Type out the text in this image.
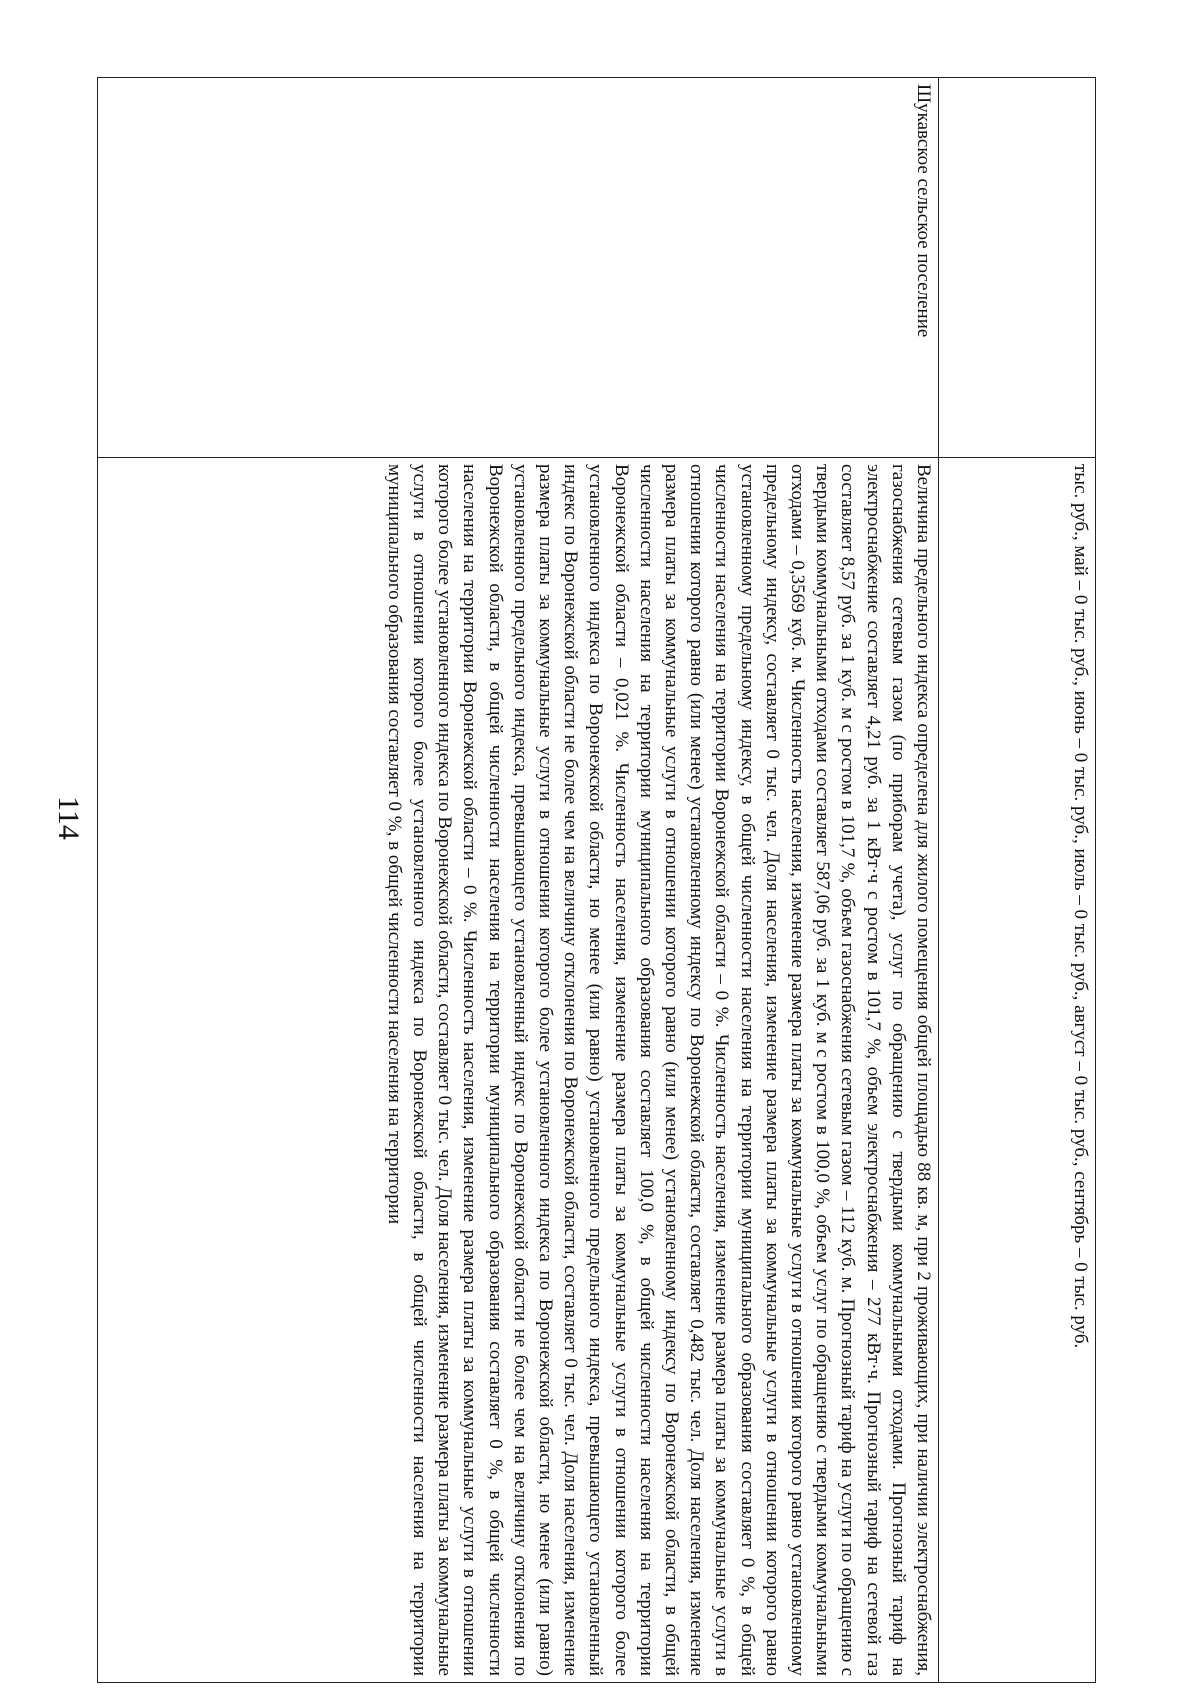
114
		тыс. руб., май – 0 тыс. руб., июнь – 0 тыс. руб., июль – 0 тыс. руб., август – 0 тыс. руб., сентябрь – 0 тыс. руб.
Шукавское сельское поселение	Величина предельного индекса определена для жилого помещения общей площадью 88 кв. м, при 2 проживающих, при наличии электроснабжения, газоснабжения сетевым газом (по приборам учета), услуг по обращению с твердыми коммунальными отходами. Прогнозный тариф на электроснабжение составляет 4,21 руб. за 1 кВт·ч с ростом в 101,7 %, объем электроснабжения – 277 кВт·ч. Прогнозный тариф на сетевой газ составляет 8,57 руб. за 1 куб. м с ростом в 101,7 %, объем газоснабжения сетевым газом – 112 куб. м. Прогнозный тариф на услуги по обращению с твердыми коммунальными отходами составляет 587,06 руб. за 1 куб. м с ростом в 100,0 %, объем услуг по обращению с твердыми коммунальными отходами – 0,3569 куб. м. Численность населения, изменение размера платы за коммунальные услуги в отношении которого равно установленному предельному индексу, составляет 0 тыс. чел. Доля населения, изменение размера платы за коммунальные услуги в отношении которого равно установленному предельному индексу, в общей численности населения на территории муниципального образования составляет 0 %, в общей численности населения на территории Воронежской области – 0 %. Численность населения, изменение размера платы за коммунальные услуги в отношении которого равно (или менее) установленному индексу по Воронежской области, составляет 0,482 тыс. чел. Доля населения, изменение размера платы за коммунальные услуги в отношении которого равно (или менее) установленному индексу по Воронежской области, в общей численности населения на территории муниципального образования составляет 100,0 %, в общей численности населения на территории Воронежской области – 0,021 %. Численность населения, изменение размера платы за коммунальные услуги в отношении которого более установленного индекса по Воронежской области, но менее (или равно) установленного предельного индекса, превышающего установленный индекс по Воронежской области не более чем на величину отклонения по Воронежской области, составляет 0 тыс. чел. Доля населения, изменение размера платы за коммунальные услуги в отношении которого более установленного индекса по Воронежской области, но менее (или равно) установленного предельного индекса, превышающего установленный индекс по Воронежской области не более чем на величину отклонения по Воронежской области, в общей численности населения на территории муниципального образования составляет 0 %, в общей численности населения на территории Воронежской области – 0 %. Численность населения, изменение размера платы за коммунальные услуги в отношении которого более установленного индекса по Воронежской области, составляет 0 тыс. чел. Доля населения, изменение размера платы за коммунальные услуги в отношении которого более установленного индекса по Воронежской области, в общей численности населения на территории муниципального образования составляет 0 %, в общей численности населения на территории
